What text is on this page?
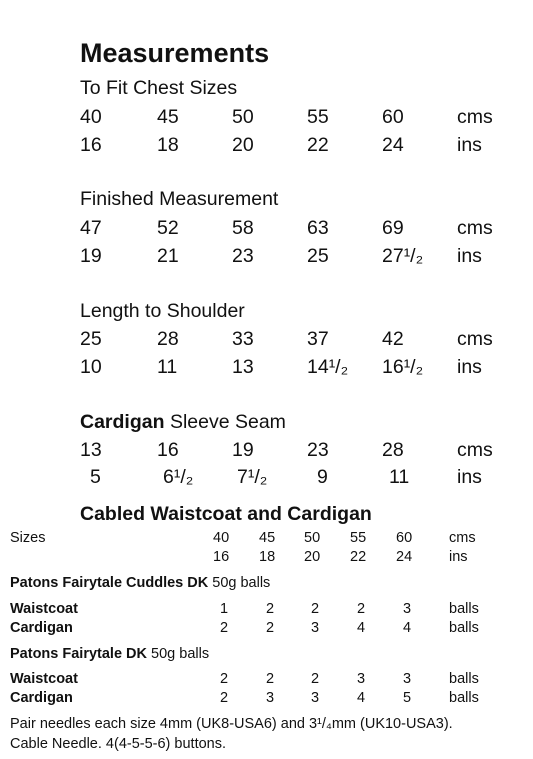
Measurements
To Fit Chest Sizes
40	45	50	55	60	cms
16	18	20	22	24	ins
Finished Measurement
47	52	58	63	69	cms
19	21	23	25	27¹/₂ ins
Length to Shoulder
25	28	33	37	42	cms
10	11	13	14¹/₂ 16¹/₂ ins
Cardigan Sleeve Seam
13	16	19	23	28	cms
5	6¹/₂ 7¹/₂	9	11 ins
Cabled Waistcoat and Cardigan
Sizes	40 45 50 55 60	cms
16 18 20 22 24	ins
Patons Fairytale Cuddles DK 50g balls
Waistcoat	1	2	2	2	3	balls
Cardigan	2	2	3	4	4	balls
Patons Fairytale DK 50g balls
Waistcoat	2	2	2	3	3	balls
Cardigan	2	3	3	4	5	balls
Pair needles each size 4mm (UK8-USA6) and 3¹/₄mm (UK10-USA3).
Cable Needle. 4(4-5-5-6) buttons.
